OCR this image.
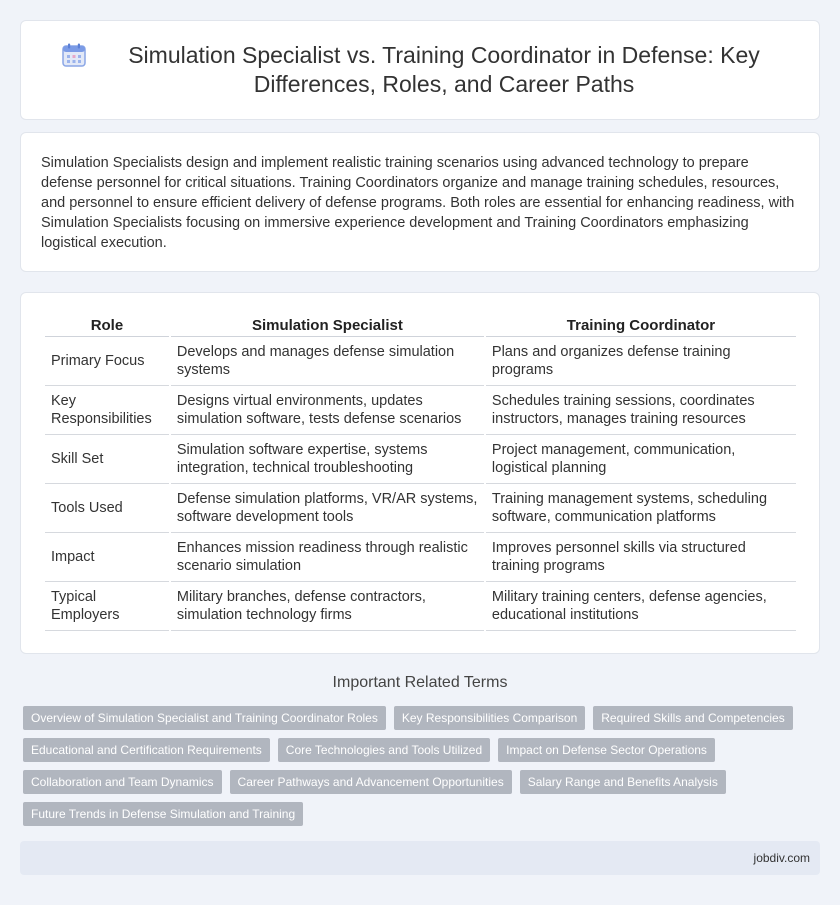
Simulation Specialist vs. Training Coordinator in Defense: Key Differences, Roles, and Career Paths

Simulation Specialists design and implement realistic training scenarios using advanced technology to prepare defense personnel for critical situations. Training Coordinators organize and manage training schedules, resources, and personnel to ensure efficient delivery of defense programs. Both roles are essential for enhancing readiness, with Simulation Specialists focusing on immersive experience development and Training Coordinators emphasizing logistical execution.

Role	Simulation Specialist	Training Coordinator
Primary Focus	Develops and manages defense simulation systems	Plans and organizes defense training programs
Key Responsibilities	Designs virtual environments, updates simulation software, tests defense scenarios	Schedules training sessions, coordinates instructors, manages training resources
Skill Set	Simulation software expertise, systems integration, technical troubleshooting	Project management, communication, logistical planning
Tools Used	Defense simulation platforms, VR/AR systems, software development tools	Training management systems, scheduling software, communication platforms
Impact	Enhances mission readiness through realistic scenario simulation	Improves personnel skills via structured training programs
Typical Employers	Military branches, defense contractors, simulation technology firms	Military training centers, defense agencies, educational institutions
Important Related Terms
Overview of Simulation Specialist and Training Coordinator Roles	Key Responsibilities Comparison	Required Skills and Competencies
Educational and Certification Requirements	Core Technologies and Tools Utilized	Impact on Defense Sector Operations
Collaboration and Team Dynamics	Career Pathways and Advancement Opportunities	Salary Range and Benefits Analysis
Future Trends in Defense Simulation and Training
jobdiv.com
